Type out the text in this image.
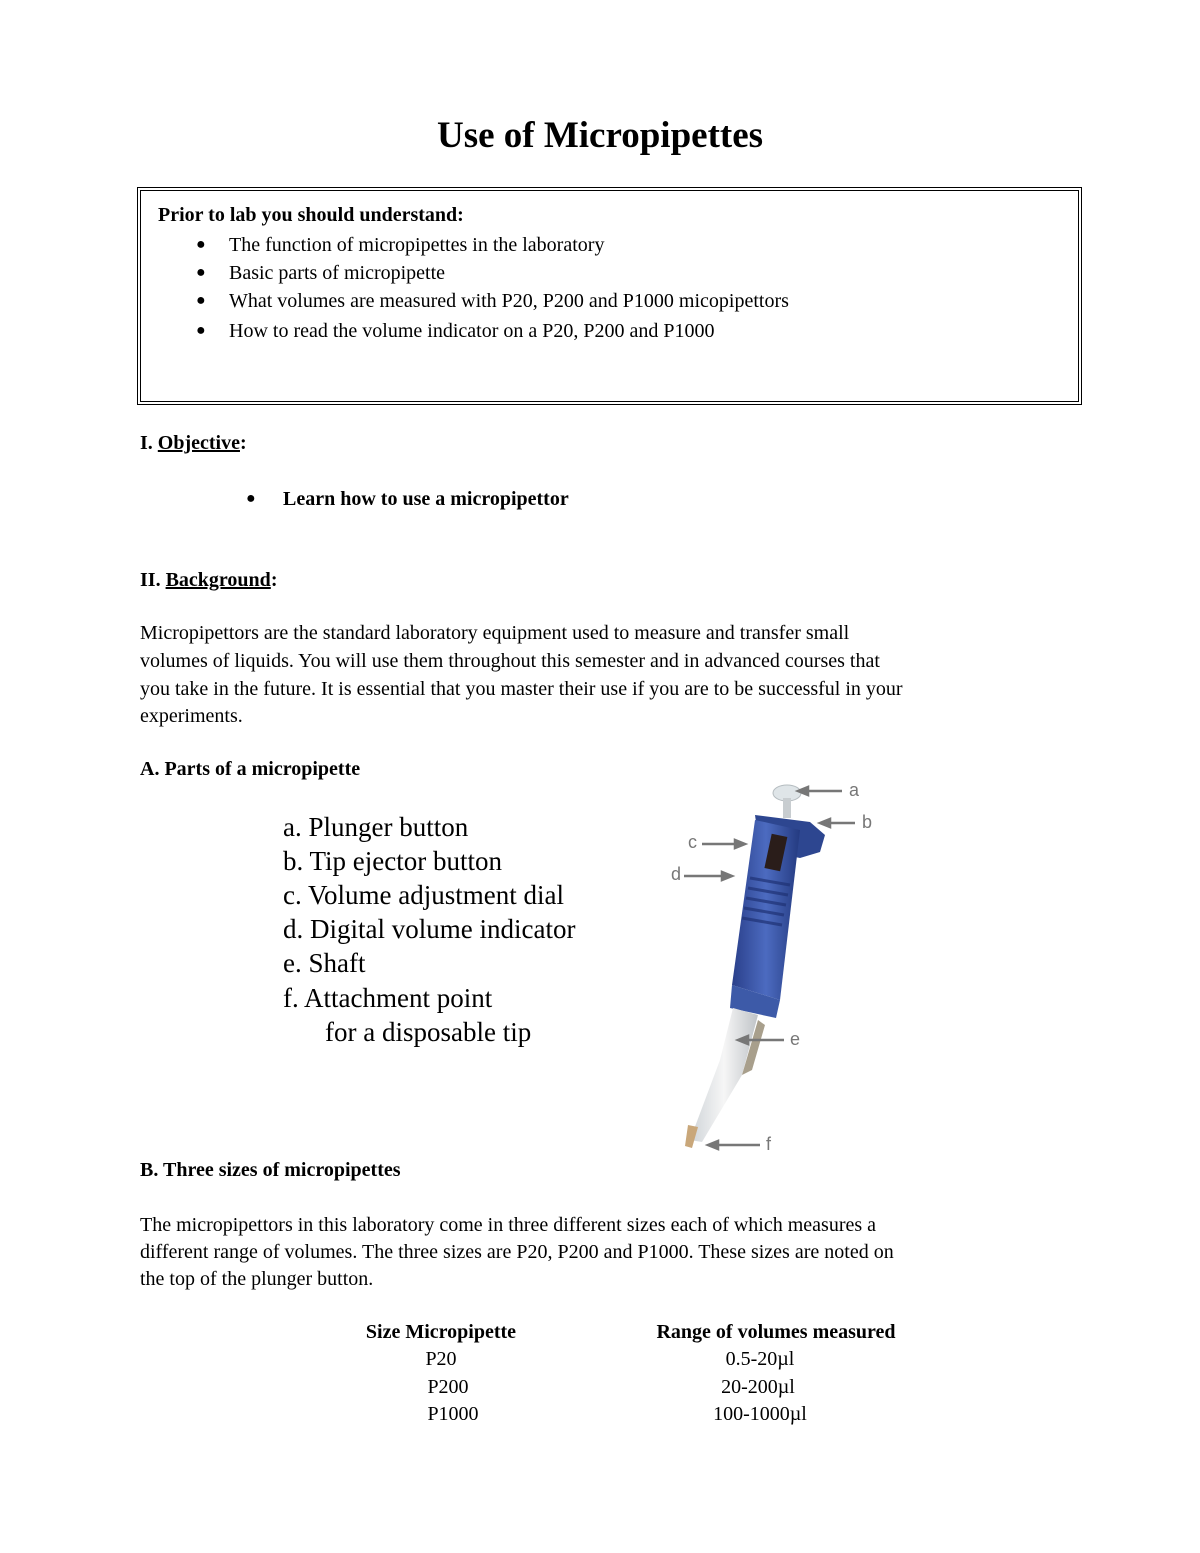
Use of Micropipettes
Prior to lab you should understand:
● The function of micropipettes in the laboratory
● Basic parts of micropipette
● What volumes are measured with P20, P200 and P1000 micopipettors
● How to read the volume indicator on a P20, P200 and P1000
I. Objective:
● Learn how to use a micropipettor
II. Background:
Micropipettors are the standard laboratory equipment used to measure and transfer small
volumes of liquids. You will use them throughout this semester and in advanced courses that
you take in the future. It is essential that you master their use if you are to be successful in your
experiments.
A. Parts of a micropipette
a. Plunger button
b. Tip ejector button
c. Volume adjustment dial
d. Digital volume indicator
e. Shaft
f. Attachment point
for a disposable tip
a
b
c
d
e
f
B. Three sizes of micropipettes
The micropipettors in this laboratory come in three different sizes each of which measures a
different range of volumes. The three sizes are P20, P200 and P1000. These sizes are noted on
the top of the plunger button.
Size Micropipette	Range of volumes measured
P20	0.5-20µl
P200	20-200µl
P1000	100-1000µl
